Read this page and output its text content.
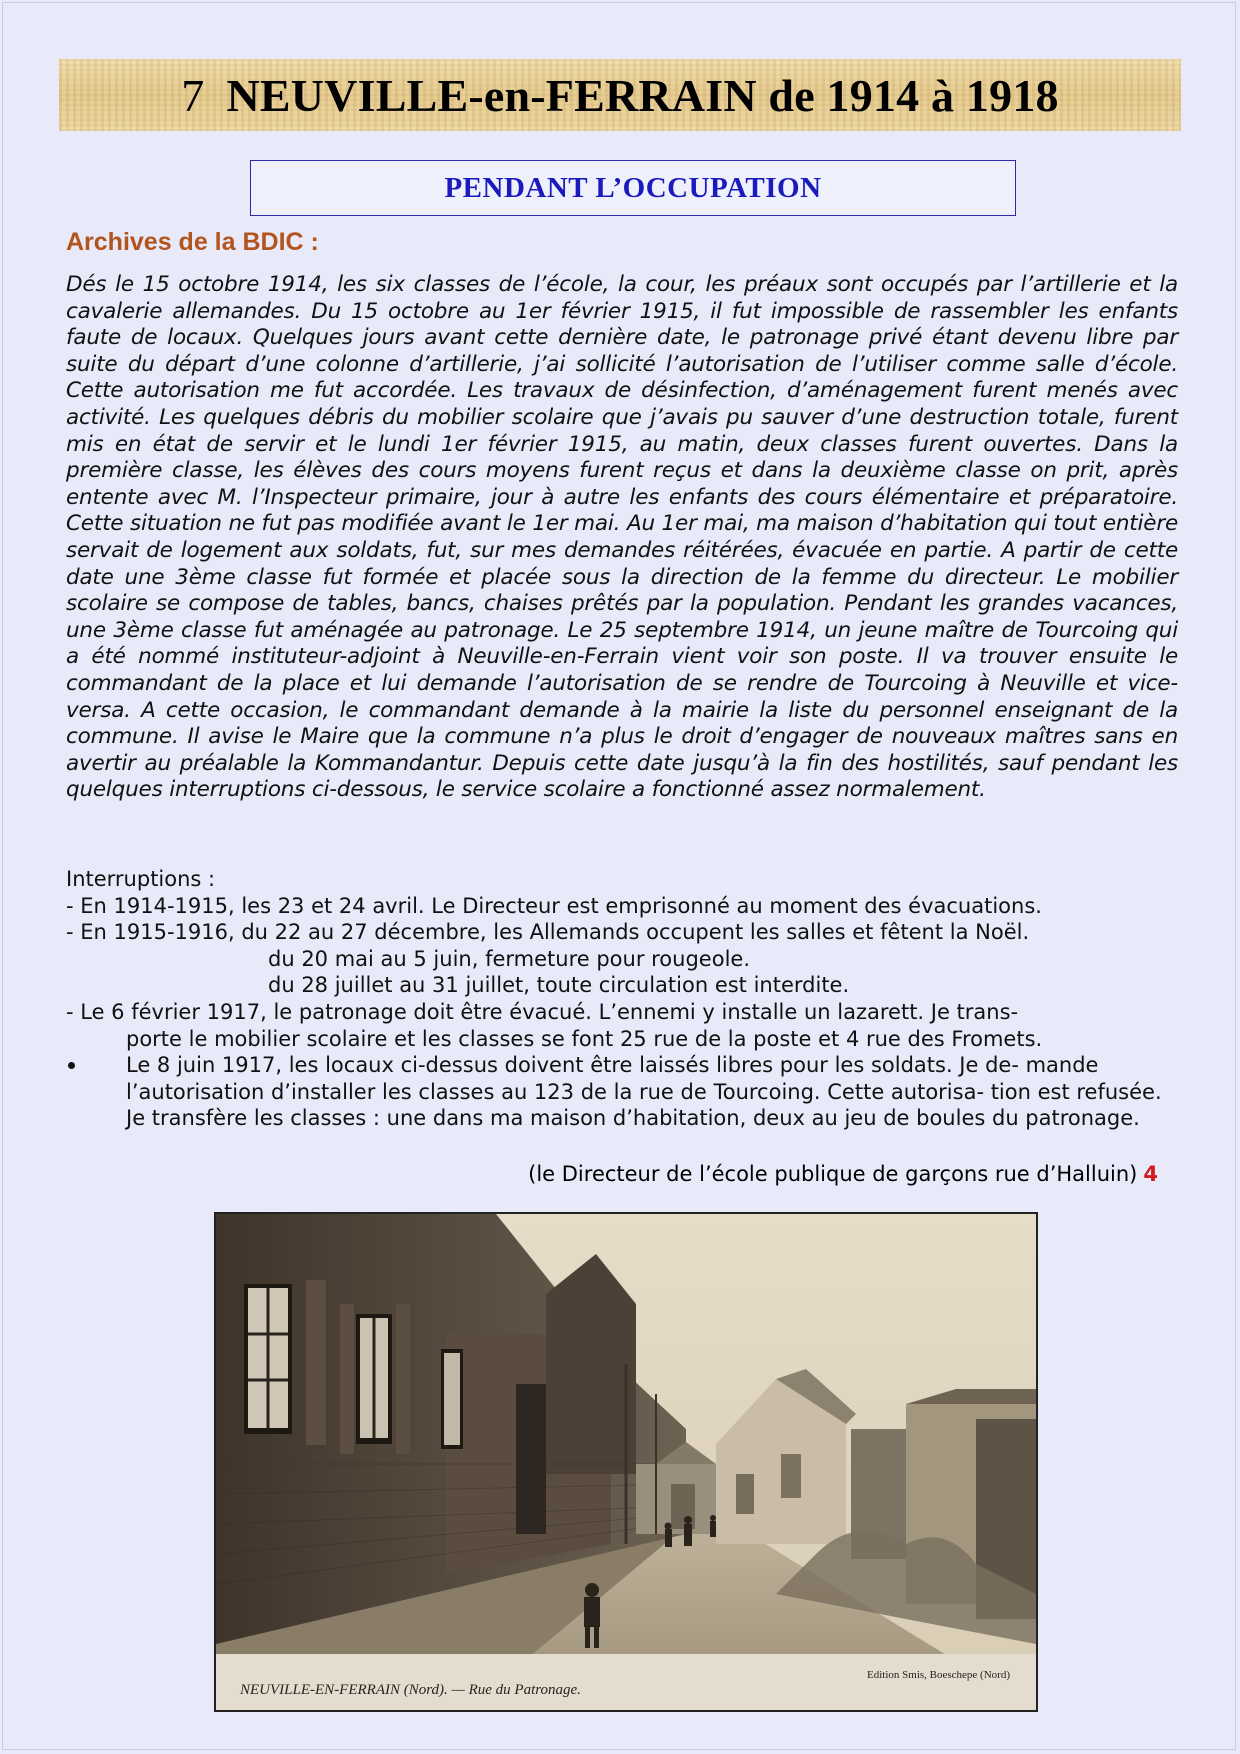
7 NEUVILLE-en-FERRAIN de 1914 à 1918
PENDANT L’OCCUPATION
Archives de la BDIC :

Dés le 15 octobre 1914, les six classes de l’école, la cour, les préaux sont occupés par l’artillerie et la cavalerie allemandes. Du 15 octobre au 1er février 1915, il fut impossible de rassembler les enfants faute de locaux. Quelques jours avant cette dernière date, le patronage privé étant devenu libre par suite du départ d’une colonne d’artillerie, j’ai sollicité l’autorisation de l’utiliser comme salle d’école. Cette autorisation me fut accordée. Les travaux de désinfection, d’aménagement furent menés avec activité. Les quelques débris du mobilier scolaire que j’avais pu sauver d’une destruction totale, furent mis en état de servir et le lundi 1er février 1915, au matin, deux classes furent ouvertes. Dans la première classe, les élèves des cours moyens furent reçus et dans la deuxième classe on prit, après entente avec M. l’Inspecteur primaire, jour à autre les enfants des cours élémentaire et préparatoire. Cette situation ne fut pas modifiée avant le 1er mai. Au 1er mai, ma maison d’habitation qui tout entière servait de logement aux soldats, fut, sur mes demandes réitérées, évacuée en partie. A partir de cette date une 3ème classe fut formée et placée sous la direction de la femme du directeur. Le mobilier scolaire se compose de tables, bancs, chaises prêtés par la population. Pendant les grandes vacances, une 3ème classe fut aménagée au patronage. Le 25 septembre 1914, un jeune maître de Tourcoing qui a été nommé instituteur-adjoint à Neuville-en-Ferrain vient voir son poste. Il va trouver ensuite le commandant de la place et lui demande l’autorisation de se rendre de Tourcoing à Neuville et vice-versa. A cette occasion, le commandant demande à la mairie la liste du personnel enseignant de la commune. Il avise le Maire que la commune n’a plus le droit d’engager de nouveaux maîtres sans en avertir au préalable la Kommandantur. Depuis cette date jusqu’à la fin des hostilités, sauf pendant les quelques interruptions ci-dessous, le service scolaire a fonctionné assez normalement.

Interruptions :
- En 1914-1915, les 23 et 24 avril. Le Directeur est emprisonné au moment des évacuations.
- En 1915-1916, du 22 au 27 décembre, les Allemands occupent les salles et fêtent la Noël.
du 20 mai au 5 juin, fermeture pour rougeole.
du 28 juillet au 31 juillet, toute circulation est interdite.
- Le 6 février 1917, le patronage doit être évacué. L’ennemi y installe un lazarett. Je trans-
porte le mobilier scolaire et les classes se font 25 rue de la poste et 4 rue des Fromets.
Le 8 juin 1917, les locaux ci-dessus doivent être laissés libres pour les soldats. Je de- mande l’autorisation d’installer les classes au 123 de la rue de Tourcoing. Cette autorisa- tion est refusée. Je transfère les classes : une dans ma maison d’habitation, deux au jeu de boules du patronage.
(le Directeur de l’école publique de garçons rue d’Halluin) 4
NEUVILLE-EN-FERRAIN (Nord). — Rue du Patronage.
Edition Smis, Boeschepe (Nord)
